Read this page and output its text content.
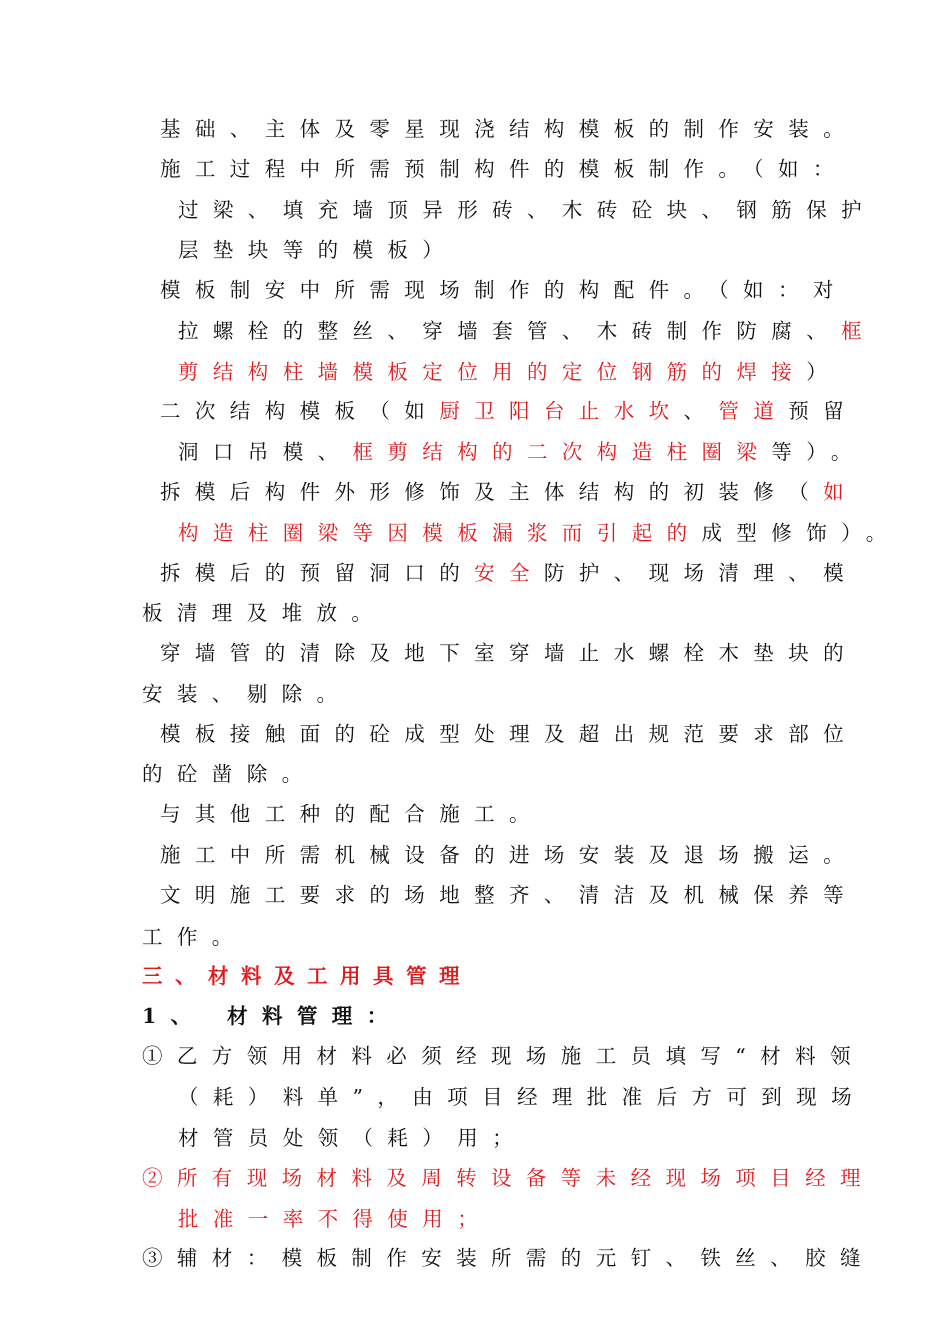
基础、主体及零星现浇结构模板的制作安装。
施工过程中所需预制构件的模板制作。（如：
过梁、填充墙顶异形砖、木砖砼块、钢筋保护
层垫块等的模板）
模板制安中所需现场制作的构配件。（如：对
拉螺栓的整丝、穿墙套管、木砖制作防腐、框
剪结构柱墙模板定位用的定位钢筋的焊接）
二次结构模板（如厨卫阳台止水坎、管道预留
洞口吊模、框剪结构的二次构造柱圈梁等）。
拆模后构件外形修饰及主体结构的初装修（如
构造柱圈梁等因模板漏浆而引起的成型修饰）。
拆模后的预留洞口的安全防护、现场清理、模
板清理及堆放。
穿墙管的清除及地下室穿墙止水螺栓木垫块的
安装、剔除。
模板接触面的砼成型处理及超出规范要求部位
的砼凿除。
与其他工种的配合施工。
施工中所需机械设备的进场安装及退场搬运。
文明施工要求的场地整齐、清洁及机械保养等
工作。
三、材料及工用具管理
1、 材料管理：
①乙方领用材料必须经现场施工员填写“材料领
（耗）料单”，由项目经理批准后方可到现场
材管员处领（耗）用；
②所有现场材料及周转设备等未经现场项目经理
批准一率不得使用；
③辅材：模板制作安装所需的元钉、铁丝、胶缝
